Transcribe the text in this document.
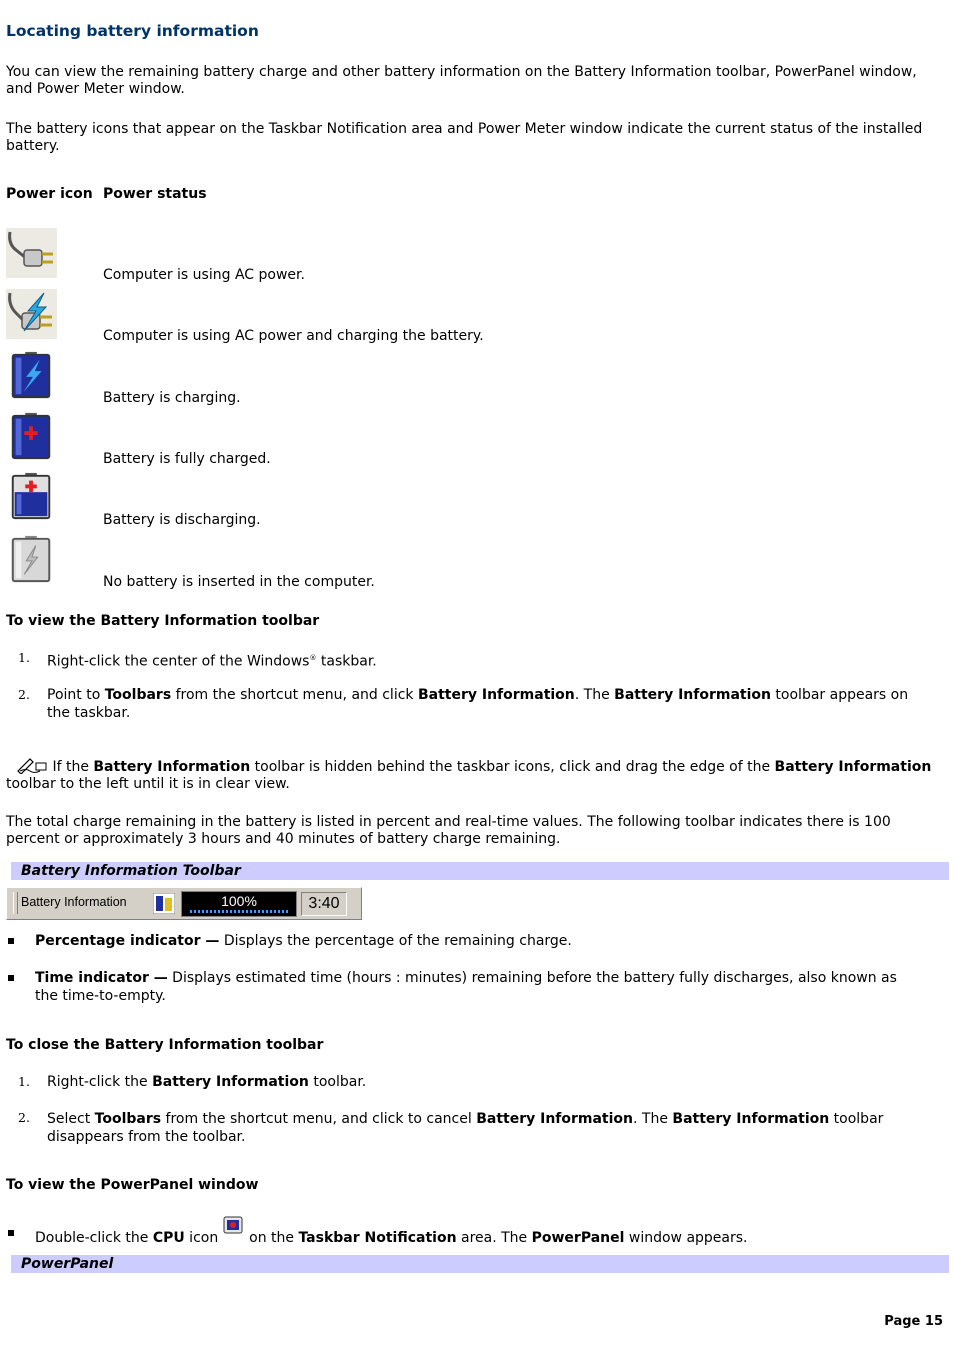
Locating battery information

You can view the remaining battery charge and other battery information on the Battery Information toolbar, PowerPanel window, and Power Meter window.

The battery icons that appear on the Taskbar Notification area and Power Meter window indicate the current status of the installed battery.

Power icon Power status
Computer is using AC power.
Computer is using AC power and charging the battery.
Battery is charging.
Battery is fully charged.
Battery is discharging.
No battery is inserted in the computer.
To view the Battery Information toolbar
1. Right-click the center of the Windows® taskbar.
2. Point to Toolbars from the shortcut menu, and click Battery Information. The Battery Information toolbar appears on the taskbar.
If the Battery Information toolbar is hidden behind the taskbar icons, click and drag the edge of the Battery Information toolbar to the left until it is in clear view.

The total charge remaining in the battery is listed in percent and real-time values. The following toolbar indicates there is 100 percent or approximately 3 hours and 40 minutes of battery charge remaining.

Battery Information Toolbar
Battery Information	100%	3:40
Percentage indicator — Displays the percentage of the remaining charge.
Time indicator — Displays estimated time (hours : minutes) remaining before the battery fully discharges, also known as the time-to-empty.
To close the Battery Information toolbar
1. Right-click the Battery Information toolbar.
2. Select Toolbars from the shortcut menu, and click to cancel Battery Information. The Battery Information toolbar disappears from the toolbar.
To view the PowerPanel window
Double-click the CPU icon  on the Taskbar Notification area. The PowerPanel window appears.
PowerPanel
Page 15
